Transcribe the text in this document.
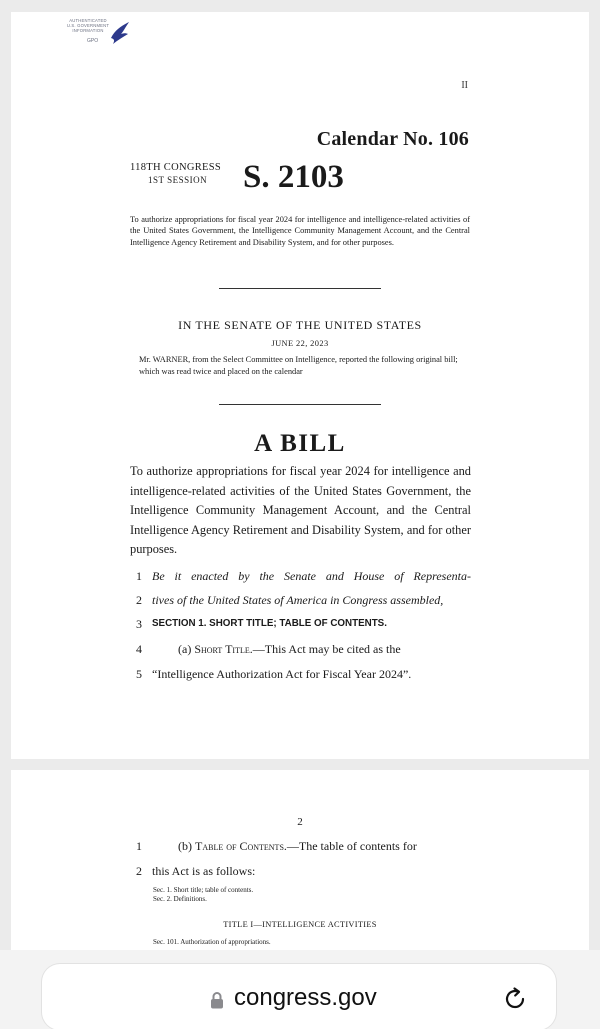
AUTHENTICATED
U.S. GOVERNMENT
INFORMATION
GPO
II
Calendar No. 106
118TH CONGRESS
1ST SESSION S. 2103
To authorize appropriations for fiscal year 2024 for intelligence and intelligence-related activities of the United States Government, the Intelligence Community Management Account, and the Central Intelligence Agency Retirement and Disability System, and for other purposes.
IN THE SENATE OF THE UNITED STATES
JUNE 22, 2023
Mr. WARNER, from the Select Committee on Intelligence, reported the following original bill; which was read twice and placed on the calendar
A BILL
To authorize appropriations for fiscal year 2024 for intelligence and intelligence-related activities of the United States Government, the Intelligence Community Management Account, and the Central Intelligence Agency Retirement and Disability System, and for other purposes.
1 Be it enacted by the Senate and House of Representa-
2 tives of the United States of America in Congress assembled,
3 SECTION 1. SHORT TITLE; TABLE OF CONTENTS.
4	(a) Short Title.—This Act may be cited as the
5 “Intelligence Authorization Act for Fiscal Year 2024”.
2
1	(b) Table of Contents.—The table of contents for
2 this Act is as follows:
Sec. 1. Short title; table of contents.
Sec. 2. Definitions.
TITLE I—INTELLIGENCE ACTIVITIES
Sec. 101. Authorization of appropriations.
congress.gov
